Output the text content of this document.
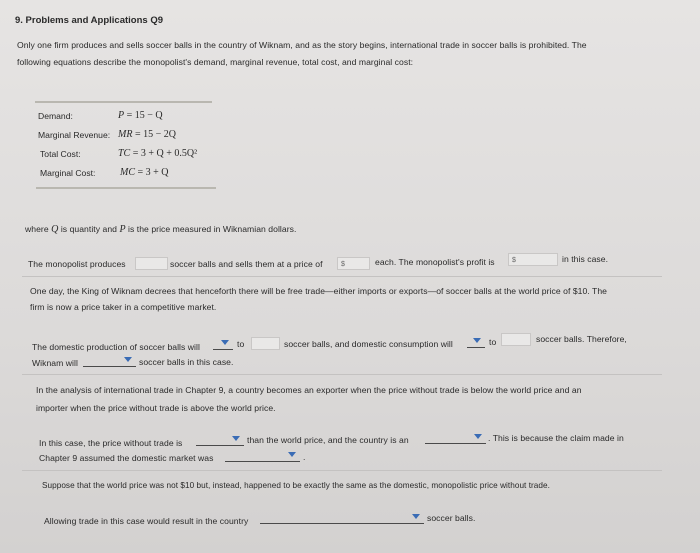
9. Problems and Applications Q9
Only one firm produces and sells soccer balls in the country of Wiknam, and as the story begins, international trade in soccer balls is prohibited. The
following equations describe the monopolist's demand, marginal revenue, total cost, and marginal cost:
Demand:	P = 15 − Q
Marginal Revenue: MR = 15 − 2Q
Total Cost:	TC = 3 + Q + 0.5Q²
Marginal Cost: MC = 3 + Q
where Q is quantity and P is the price measured in Wiknamian dollars.
The monopolist produces	soccer balls and sells them at a price of	$	each. The monopolist's profit is	$	in this case.
One day, the King of Wiknam decrees that henceforth there will be free trade—either imports or exports—of soccer balls at the world price of $10. The
firm is now a price taker in a competitive market.
The domestic production of soccer balls will	to	soccer balls, and domestic consumption will	to	soccer balls. Therefore,
Wiknam will	soccer balls in this case.
In the analysis of international trade in Chapter 9, a country becomes an exporter when the price without trade is below the world price and an
importer when the price without trade is above the world price.
In this case, the price without trade is	than the world price, and the country is an	. This is because the claim made in
Chapter 9 assumed the domestic market was	.
Suppose that the world price was not $10 but, instead, happened to be exactly the same as the domestic, monopolistic price without trade.
Allowing trade in this case would result in the country	soccer balls.
